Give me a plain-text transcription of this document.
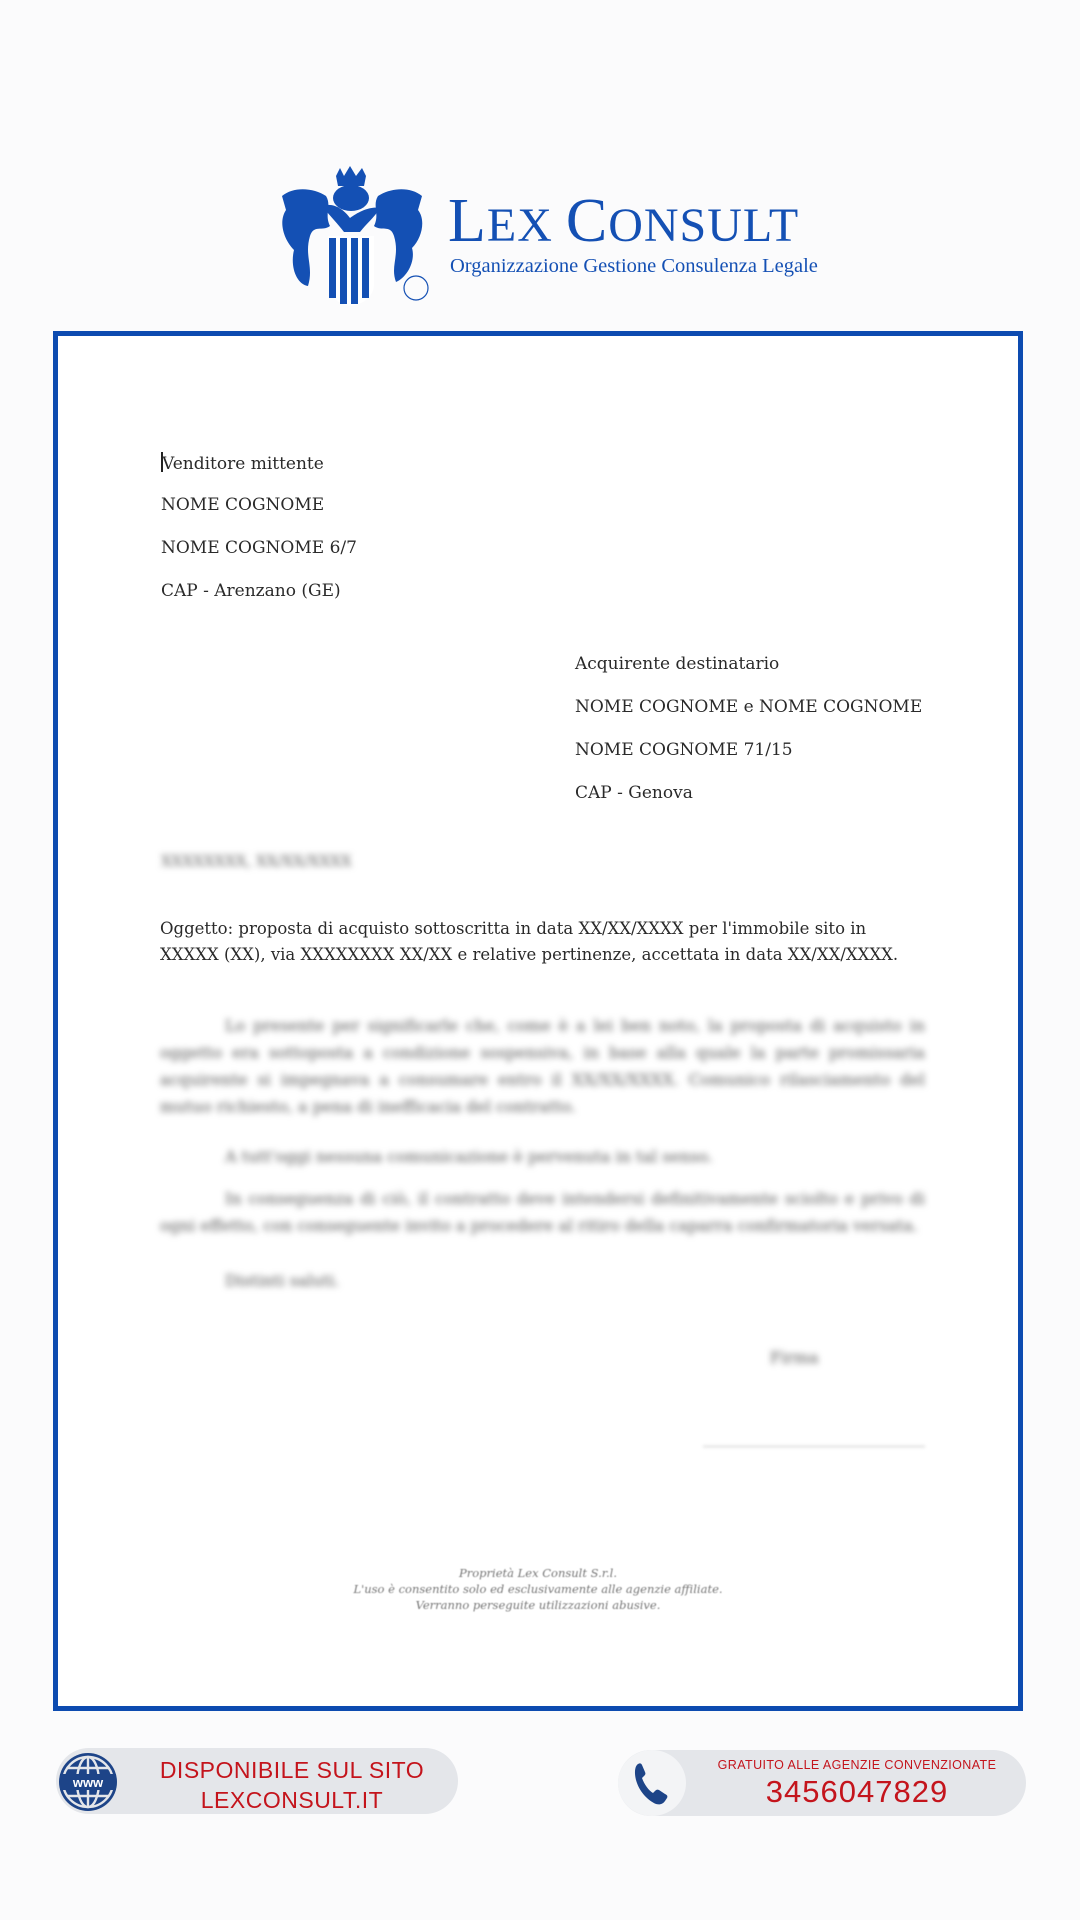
LEX CONSULT
Organizzazione Gestione Consulenza Legale
Venditore mittente
NOME COGNOME
NOME COGNOME 6/7
CAP - Arenzano (GE)
Acquirente destinatario
NOME COGNOME e NOME COGNOME
NOME COGNOME 71/15
CAP - Genova
XXXXXXXX, XX/XX/XXXX
Oggetto: proposta di acquisto sottoscritta in data XX/XX/XXXX per l'immobile sito in XXXXX (XX), via XXXXXXXX XX/XX e relative pertinenze, accettata in data XX/XX/XXXX.
Lo presente per significarle che, come è a lei ben noto, la proposta di acquisto in oggetto era sottoposta a condizione sospensiva, in base alla quale la parte promissaria acquirente si impegnava a consumare entro il XX/XX/XXXX. Comunico rilasciamento del mutuo richiesto, a pena di inefficacia del contratto.
A tutt'oggi nessuna comunicazione è pervenuta in tal senso.
In conseguenza di ciò, il contratto deve intendersi definitivamente sciolto e privo di ogni effetto, con conseguente invito a procedere al ritiro della caparra confirmatoria versata.
Distinti saluti.
Firma
Proprietà Lex Consult S.r.l.
L'uso è consentito solo ed esclusivamente alle agenzie affiliate.
Verranno perseguite utilizzazioni abusive.
www	DISPONIBILE SUL SITO
LEXCONSULT.IT
GRATUITO ALLE AGENZIE CONVENZIONATE
3456047829
